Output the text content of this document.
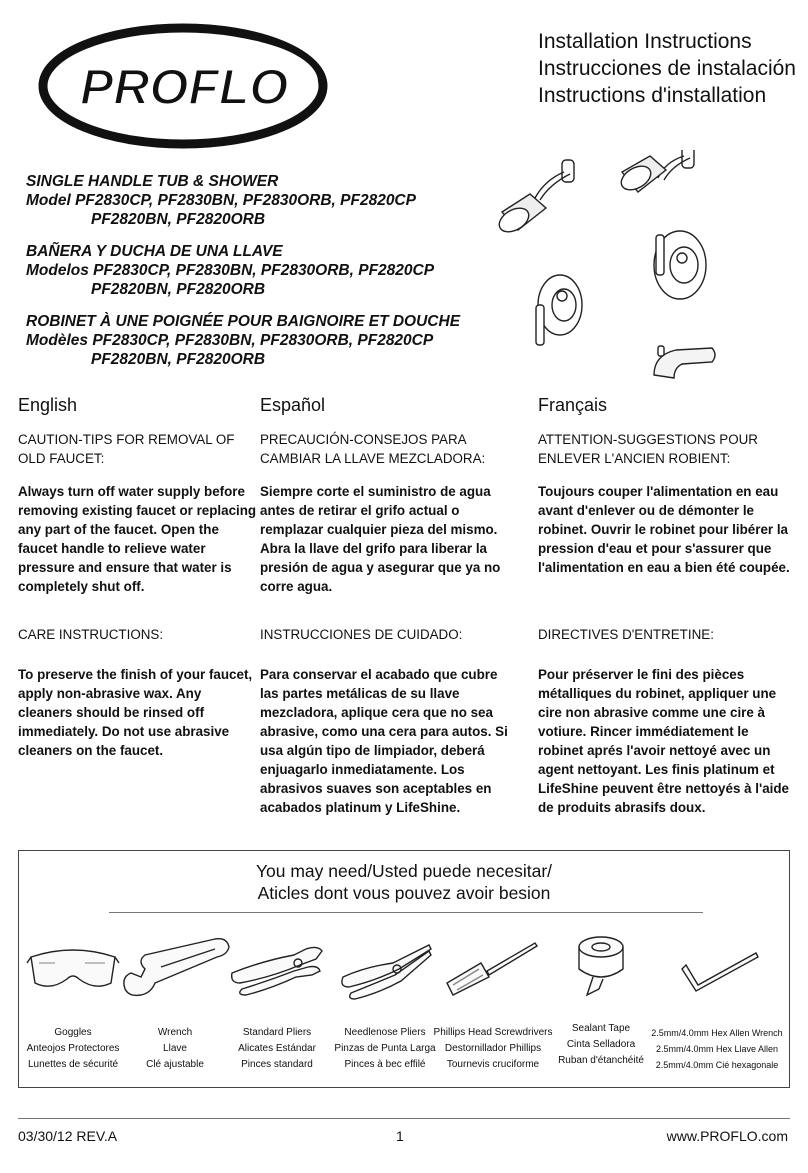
PROFLO
Installation Instructions
Instrucciones de instalación
Instructions d'installation
SINGLE HANDLE TUB & SHOWER
Model PF2830CP, PF2830BN, PF2830ORB, PF2820CP
PF2820BN, PF2820ORB
BAÑERA Y DUCHA DE UNA LLAVE
Modelos PF2830CP, PF2830BN, PF2830ORB, PF2820CP
PF2820BN, PF2820ORB
ROBINET À UNE POIGNÉE POUR BAIGNOIRE ET DOUCHE
Modèles PF2830CP, PF2830BN, PF2830ORB, PF2820CP
PF2820BN, PF2820ORB
English
CAUTION-TIPS FOR REMOVAL OF OLD FAUCET:
Always turn off water supply before removing existing faucet or replacing any part of the faucet. Open the faucet handle to relieve water pressure and ensure that water is completely shut off.
CARE INSTRUCTIONS:
To preserve the finish of your faucet, apply non-abrasive wax. Any cleaners should be rinsed off immediately. Do not use abrasive cleaners on the faucet.
Español
PRECAUCIÓN-CONSEJOS PARA CAMBIAR LA LLAVE MEZCLADORA:
Siempre corte el suministro de agua antes de retirar el grifo actual o remplazar cualquier pieza del mismo. Abra la llave del grifo para liberar la presión de agua y asegurar que ya no corre agua.
INSTRUCCIONES DE CUIDADO:
Para conservar el acabado que cubre las partes metálicas de su llave mezcladora, aplique cera que no sea abrasive, como una cera para autos. Si usa algún tipo de limpiador, deberá enjuagarlo inmediatamente. Los abrasivos suaves son aceptables en acabados platinum y LifeShine.
Français
ATTENTION-SUGGESTIONS POUR ENLEVER L'ANCIEN ROBIENT:
Toujours couper l'alimentation en eau avant d'enlever ou de démonter le robinet. Ouvrir le robinet pour libérer la pression d'eau et pour s'assurer que l'alimentation en eau a bien été coupée.
DIRECTIVES D'ENTRETINE:
Pour préserver le fini des pièces métalliques du robinet, appliquer une cire non abrasive comme une cire à votiure. Rincer immédiatement le robinet aprés l'avoir nettoyé avec un agent nettoyant. Les finis platinum et LifeShine peuvent être nettoyés à l'aide de produits abrasifs doux.
You may need/Usted puede necesitar/
Aticles dont vous pouvez avoir besion
Goggles
Anteojos Protectores
Lunettes de sécurité
Wrench
Llave
Clé ajustable
Standard Pliers
Alicates Estándar
Pinces standard
Needlenose Pliers
Pinzas de Punta Larga
Pinces à bec effilé
Phillips Head Screwdrivers
Destornillador Phillips
Tournevis cruciforme
Sealant Tape
Cinta Selladora
Ruban d'étanchéité
2.5mm/4.0mm Hex Allen Wrench
2.5mm/4.0mm Hex Llave Allen
2.5mm/4.0mm Cié hexagonale
03/30/12 REV.A	1	www.PROFLO.com
